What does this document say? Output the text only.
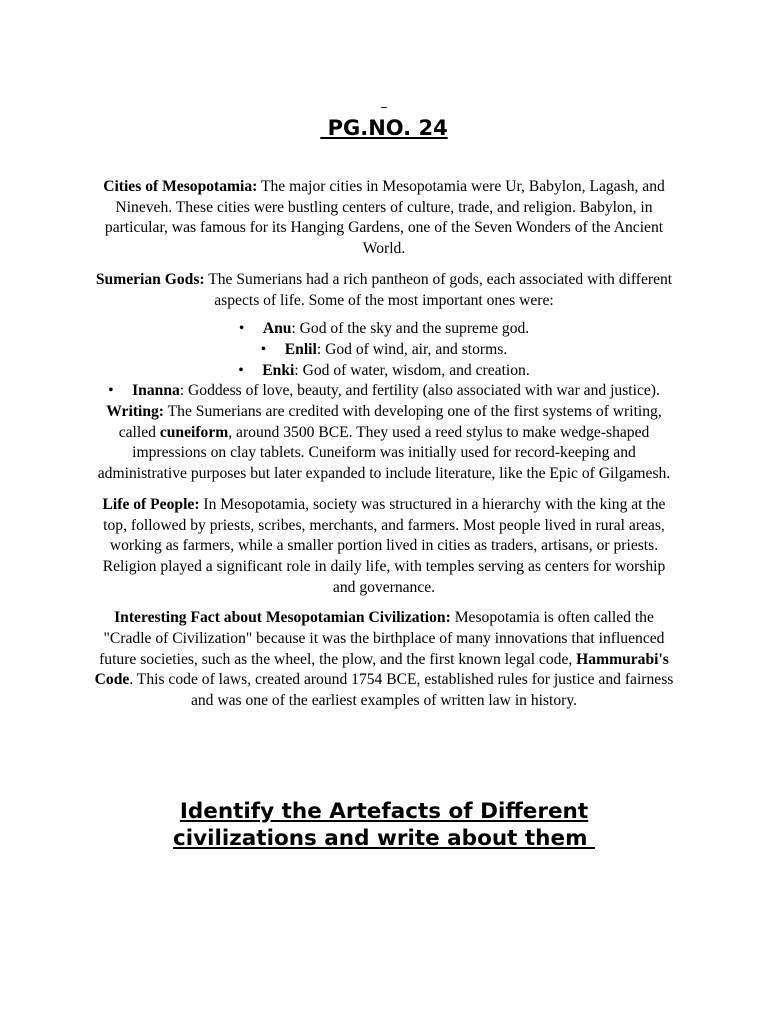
_
PG.NO. 24

Cities of Mesopotamia: The major cities in Mesopotamia were Ur, Babylon, Lagash, and Nineveh. These cities were bustling centers of culture, trade, and religion. Babylon, in particular, was famous for its Hanging Gardens, one of the Seven Wonders of the Ancient World.

Sumerian Gods: The Sumerians had a rich pantheon of gods, each associated with different aspects of life. Some of the most important ones were:

• Anu: God of the sky and the supreme god.
• Enlil: God of wind, air, and storms.
• Enki: God of water, wisdom, and creation.
• Inanna: Goddess of love, beauty, and fertility (also associated with war and justice).

Writing: The Sumerians are credited with developing one of the first systems of writing, called cuneiform, around 3500 BCE. They used a reed stylus to make wedge-shaped impressions on clay tablets. Cuneiform was initially used for record-keeping and administrative purposes but later expanded to include literature, like the Epic of Gilgamesh.

Life of People: In Mesopotamia, society was structured in a hierarchy with the king at the top, followed by priests, scribes, merchants, and farmers. Most people lived in rural areas, working as farmers, while a smaller portion lived in cities as traders, artisans, or priests. Religion played a significant role in daily life, with temples serving as centers for worship and governance.

Interesting Fact about Mesopotamian Civilization: Mesopotamia is often called the "Cradle of Civilization" because it was the birthplace of many innovations that influenced future societies, such as the wheel, the plow, and the first known legal code, Hammurabi's Code. This code of laws, created around 1754 BCE, established rules for justice and fairness and was one of the earliest examples of written law in history.

Identify the Artefacts of Different
civilizations and write about them
